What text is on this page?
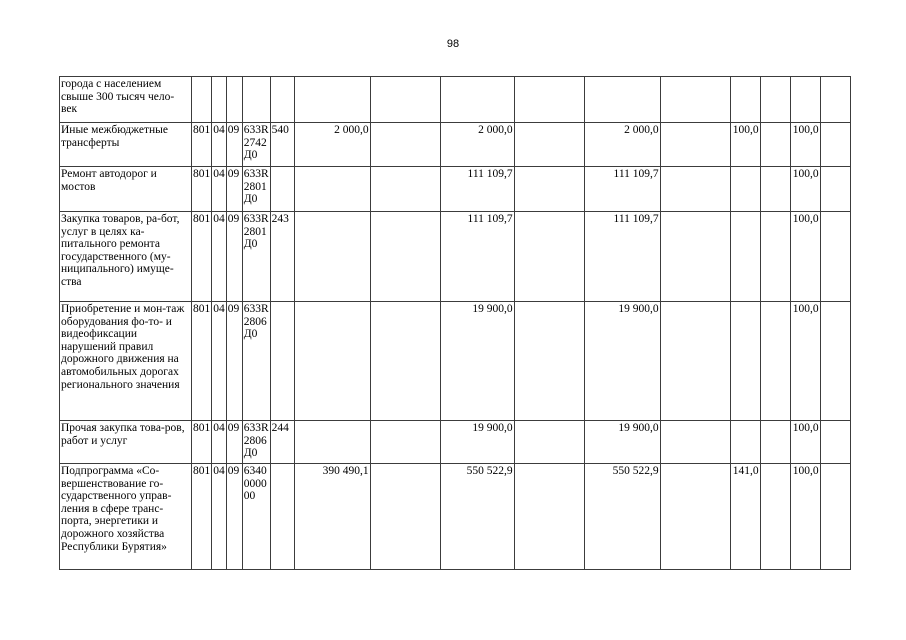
98
города с населением свыше 300 тысяч чело-век															
Иные межбюджетные трансферты	801	04	09	633R 2742 Д0	540	2 000,0		2 000,0		2 000,0		100,0		100,0	
Ремонт автодорог и мостов	801	04	09	633R 2801 Д0				111 109,7		111 109,7				100,0	
Закупка товаров, ра-бот, услуг в целях ка-питального ремонта государственного (му-ниципального) имуще-ства	801	04	09	633R 2801 Д0	243			111 109,7		111 109,7				100,0	
Приобретение и мон-таж оборудования фо-то- и видеофиксации нарушений правил дорожного движения на автомобильных дорогах регионального значения	801	04	09	633R 2806 Д0				19 900,0		19 900,0				100,0	
Прочая закупка това-ров, работ и услуг	801	04	09	633R 2806 Д0	244			19 900,0		19 900,0				100,0	
Подпрограмма «Со-вершенствование го-сударственного управ-ления в сфере транс-порта, энергетики и дорожного хозяйства Республики Бурятия»	801	04	09	6340 0000 00		390 490,1		550 522,9		550 522,9		141,0		100,0	
